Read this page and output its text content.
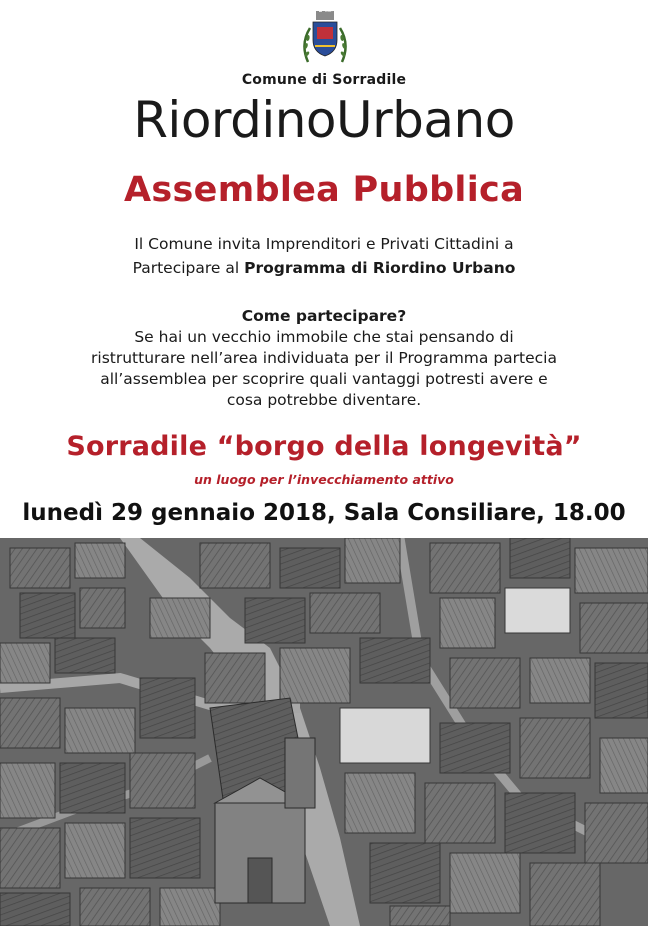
Comune di Sorradile
RiordinoUrbano
Assemblea Pubblica
Il Comune invita Imprenditori e Privati Cittadini a
Partecipare al Programma di Riordino Urbano
Come partecipare?
Se hai un vecchio immobile che stai pensando di
ristrutturare nell’area individuata per il Programma partecia
all’assemblea per scoprire quali vantaggi potresti avere e
cosa potrebbe diventare.
Sorradile “borgo della longevità”
un luogo per l’invecchiamento attivo
lunedì 29 gennaio 2018, Sala Consiliare, 18.00
